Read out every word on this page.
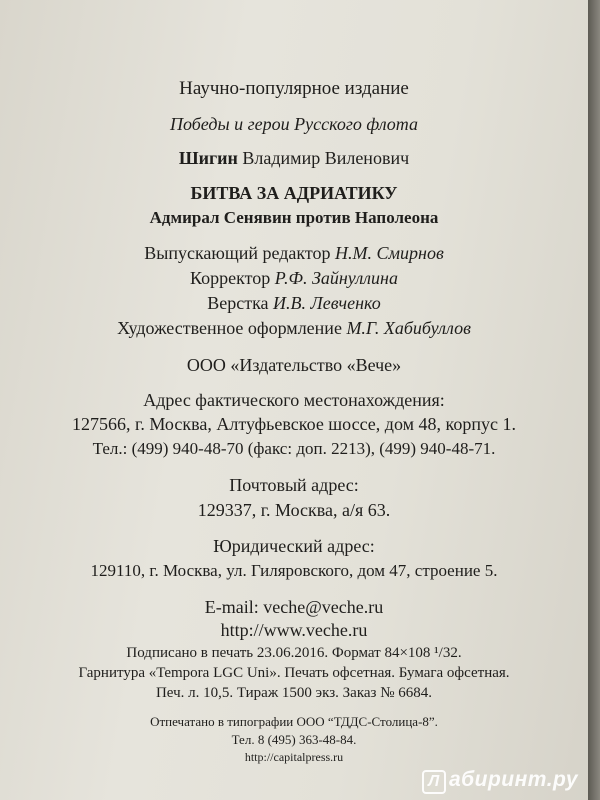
Научно-популярное издание
Победы и герои Русского флота
Шигин Владимир Виленович
БИТВА ЗА АДРИАТИКУ
Адмирал Сенявин против Наполеона
Выпускающий редактор Н.М. Смирнов
Корректор Р.Ф. Зайнуллина
Верстка И.В. Левченко
Художественное оформление М.Г. Хабибуллов
ООО «Издательство «Вече»
Адрес фактического местонахождения:
127566, г. Москва, Алтуфьевское шоссе, дом 48, корпус 1.
Тел.: (499) 940-48-70 (факс: доп. 2213), (499) 940-48-71.
Почтовый адрес:
129337, г. Москва, а/я 63.
Юридический адрес:
129110, г. Москва, ул. Гиляровского, дом 47, строение 5.
E-mail: veche@veche.ru
http://www.veche.ru
Подписано в печать 23.06.2016. Формат 84×108 ¹/32.
Гарнитура «Tempora LGC Uni». Печать офсетная. Бумага офсетная.
Печ. л. 10,5. Тираж 1500 экз. Заказ № 6684.
Отпечатано в типографии ООО “ТДДС-Столица-8”.
Тел. 8 (495) 363-48-84.
http://capitalpress.ru
Л абиринт.ру
